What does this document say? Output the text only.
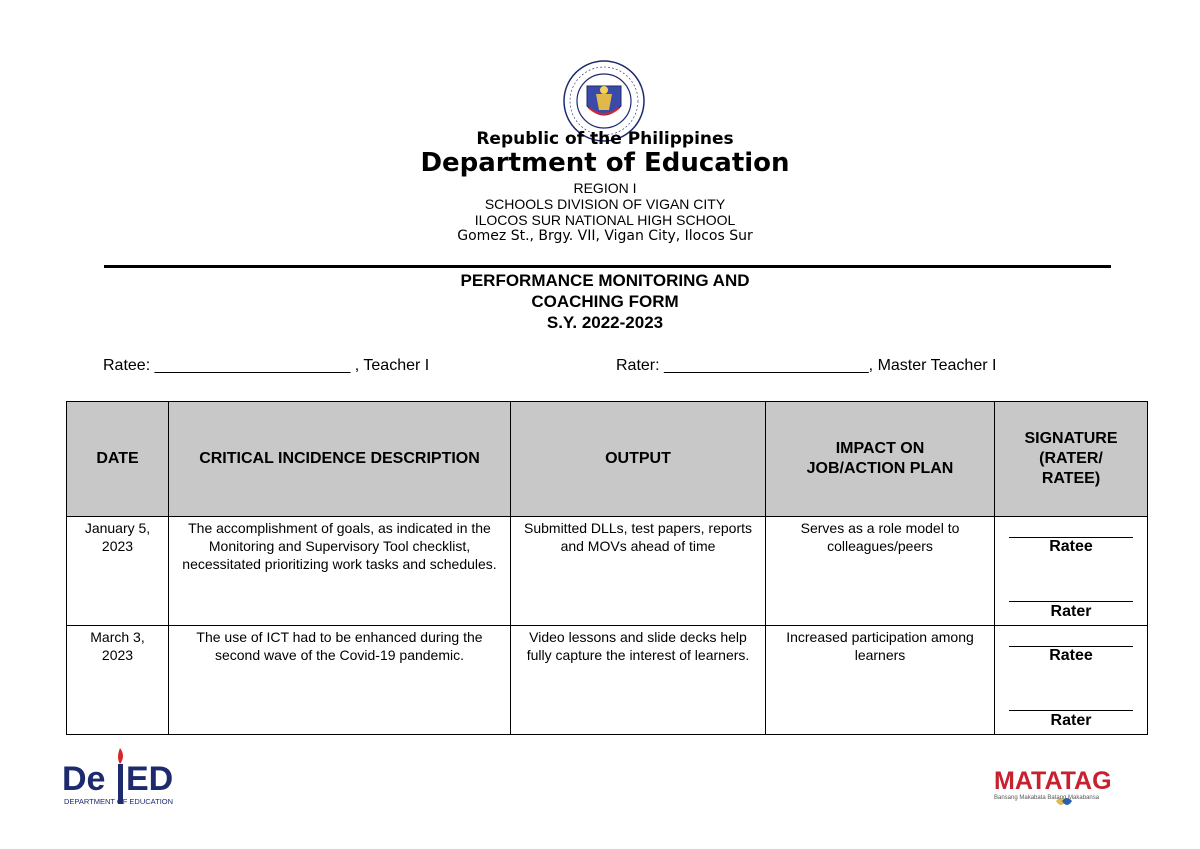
Republic of the Philippines
Department of Education
REGION I
SCHOOLS DIVISION OF VIGAN CITY
ILOCOS SUR NATIONAL HIGH SCHOOL
Gomez St., Brgy. VII, Vigan City, Ilocos Sur
PERFORMANCE MONITORING AND
COACHING FORM
S.Y. 2022-2023
Ratee: ______________________ , Teacher I	Rater: _______________________, Master Teacher I
DATE	CRITICAL INCIDENCE DESCRIPTION	OUTPUT	IMPACT ON JOB/ACTION PLAN	SIGNATURE (RATER/ RATEE)
January 5, 2023	The accomplishment of goals, as indicated in the Monitoring and Supervisory Tool checklist, necessitated prioritizing work tasks and schedules.	Submitted DLLs, test papers, reports and MOVs ahead of time	Serves as a role model to colleagues/peers	Ratee
Rater

March 3, 2023	The use of ICT had to be enhanced during the second wave of the Covid-19 pandemic.	Video lessons and slide decks help fully capture the interest of learners.	Increased participation among learners	Ratee
Rater
De ED
DEPARTMENT OF EDUCATION
MATATAG
Bansang Makabata Batang Makabansa
